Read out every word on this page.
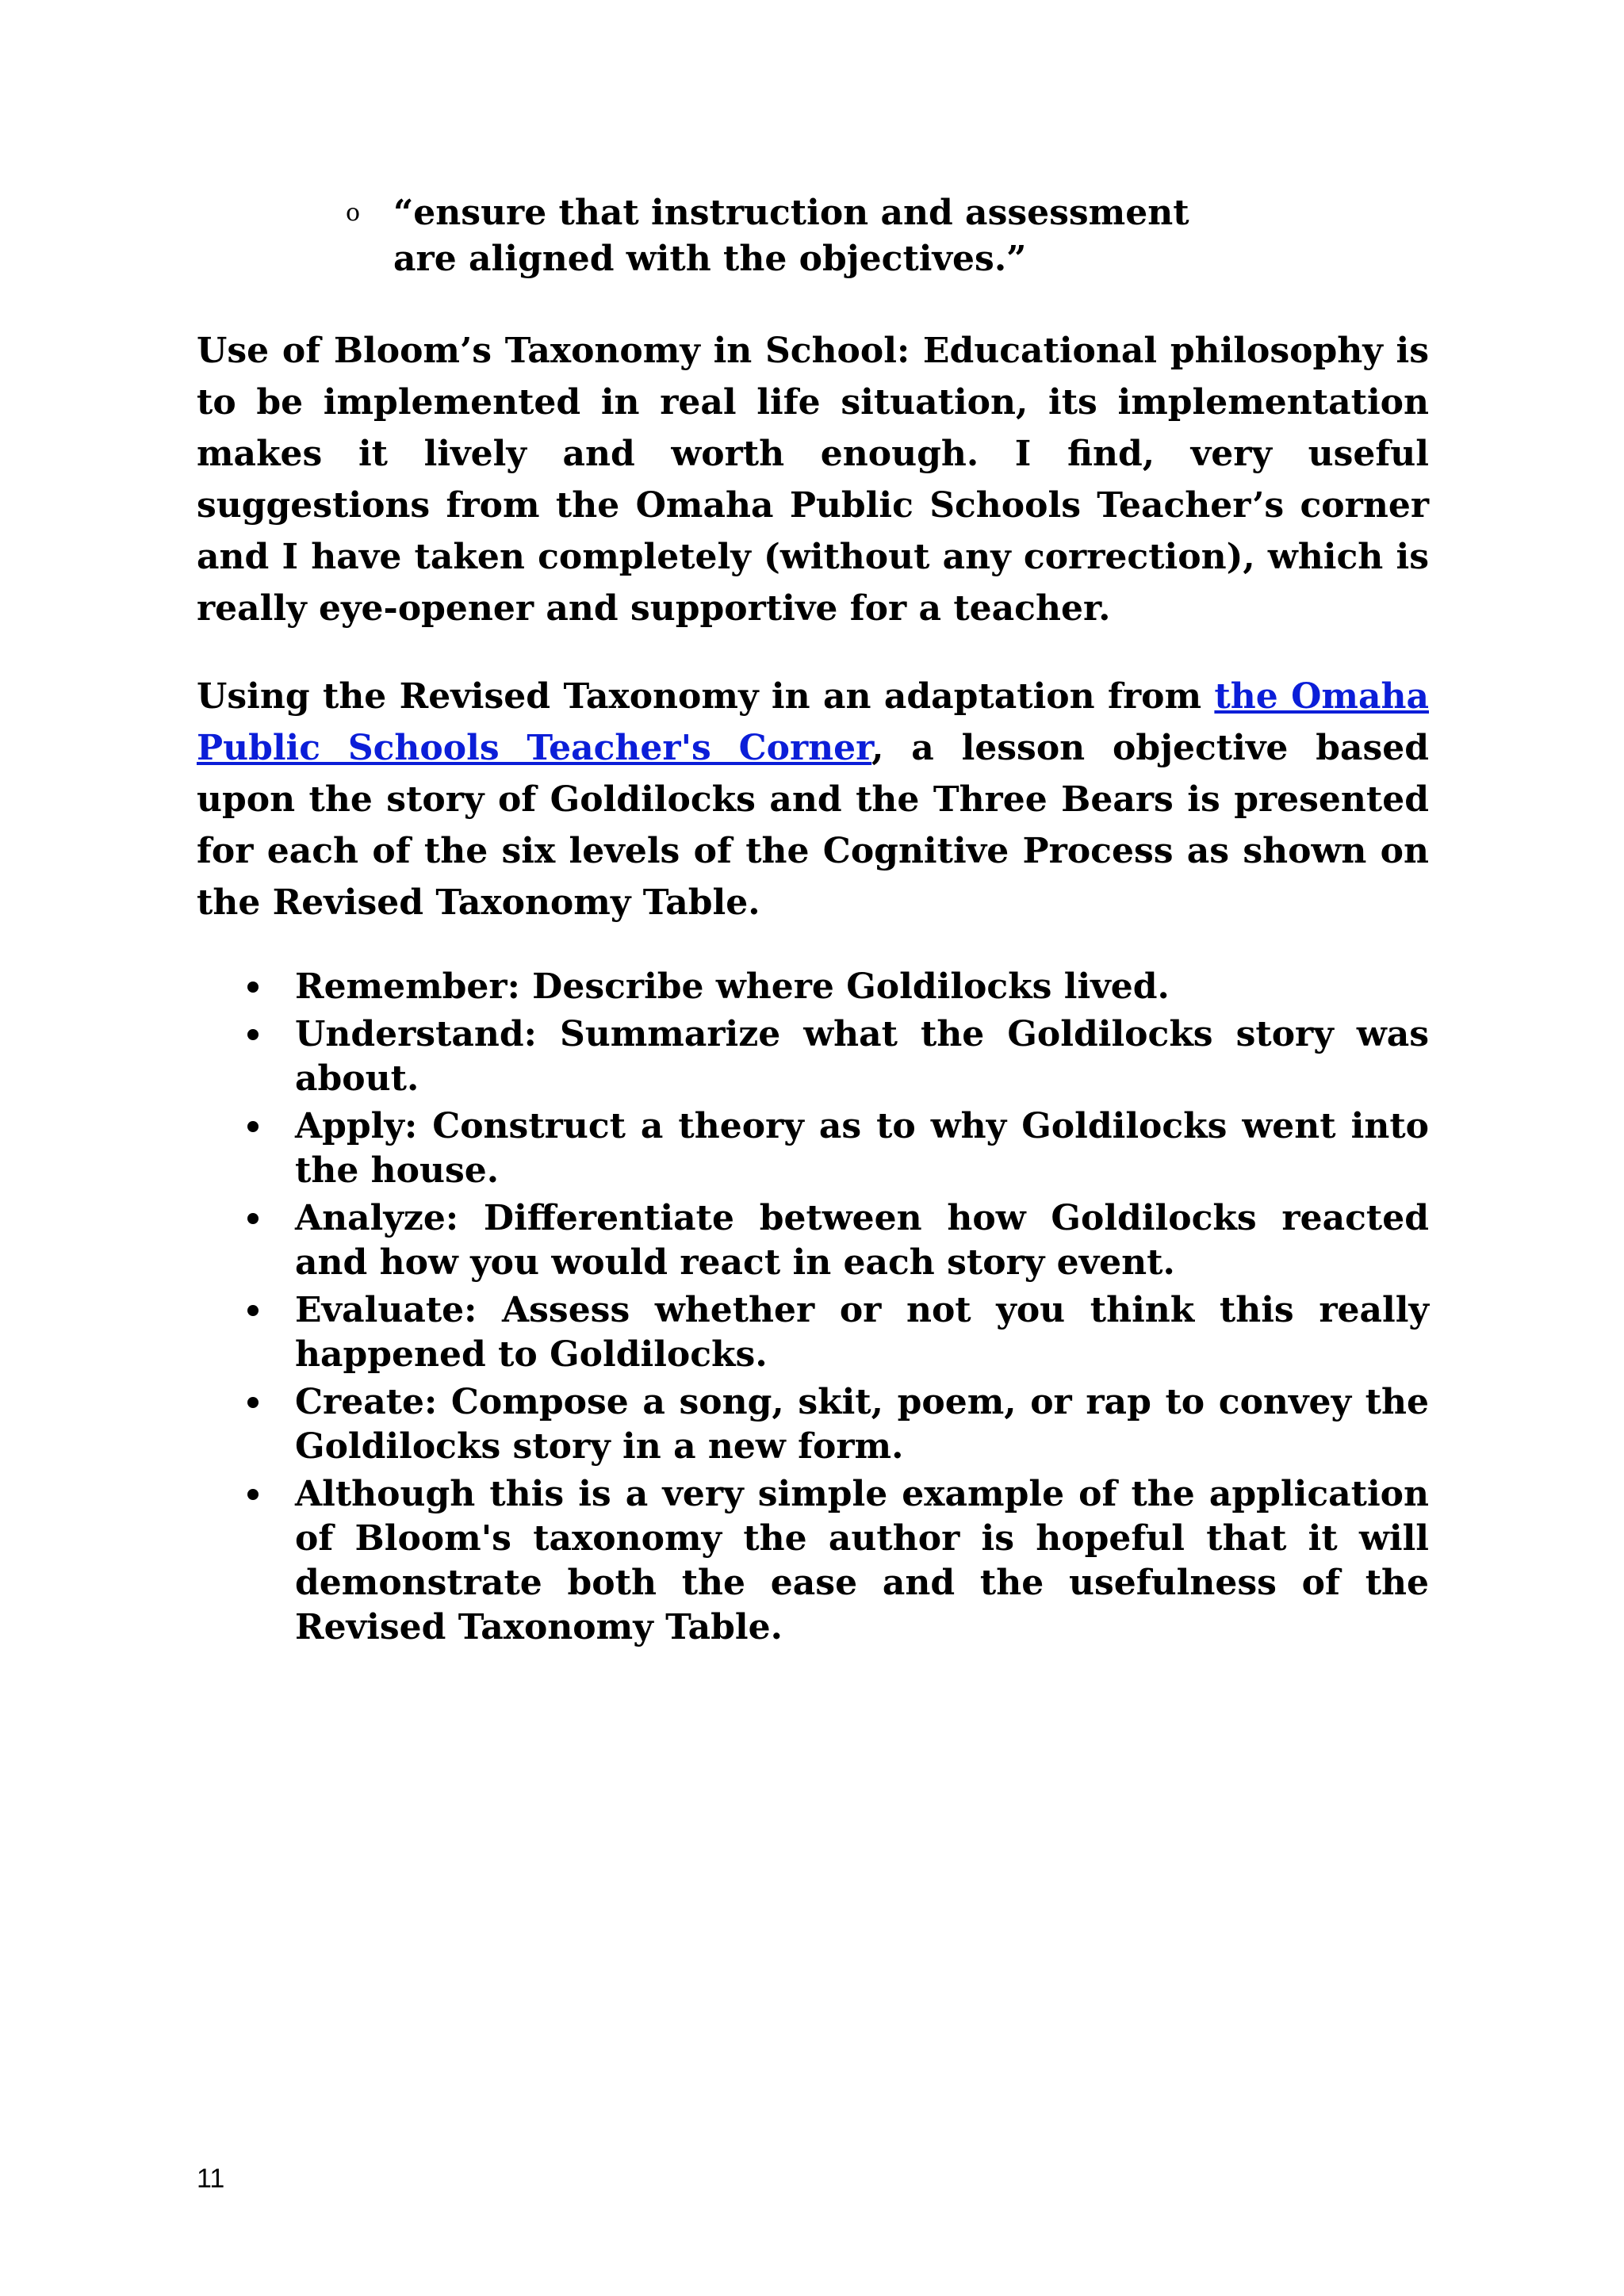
o “ensure that instruction and assessment are aligned with the objectives.”

Use of Bloom’s Taxonomy in School: Educational philosophy is to be implemented in real life situation, its implementation makes it lively and worth enough. I find, very useful suggestions from the Omaha Public Schools Teacher’s corner and I have taken completely (without any correction), which is really eye-opener and supportive for a teacher.

Using the Revised Taxonomy in an adaptation from the Omaha Public Schools Teacher's Corner, a lesson objective based upon the story of Goldilocks and the Three Bears is presented for each of the six levels of the Cognitive Process as shown on the Revised Taxonomy Table.

Remember: Describe where Goldilocks lived.
Understand: Summarize what the Goldilocks story was about.
Apply: Construct a theory as to why Goldilocks went into the house.
Analyze: Differentiate between how Goldilocks reacted and how you would react in each story event.
Evaluate: Assess whether or not you think this really happened to Goldilocks.
Create: Compose a song, skit, poem, or rap to convey the Goldilocks story in a new form.
Although this is a very simple example of the application of Bloom's taxonomy the author is hopeful that it will demonstrate both the ease and the usefulness of the Revised Taxonomy Table.
11
